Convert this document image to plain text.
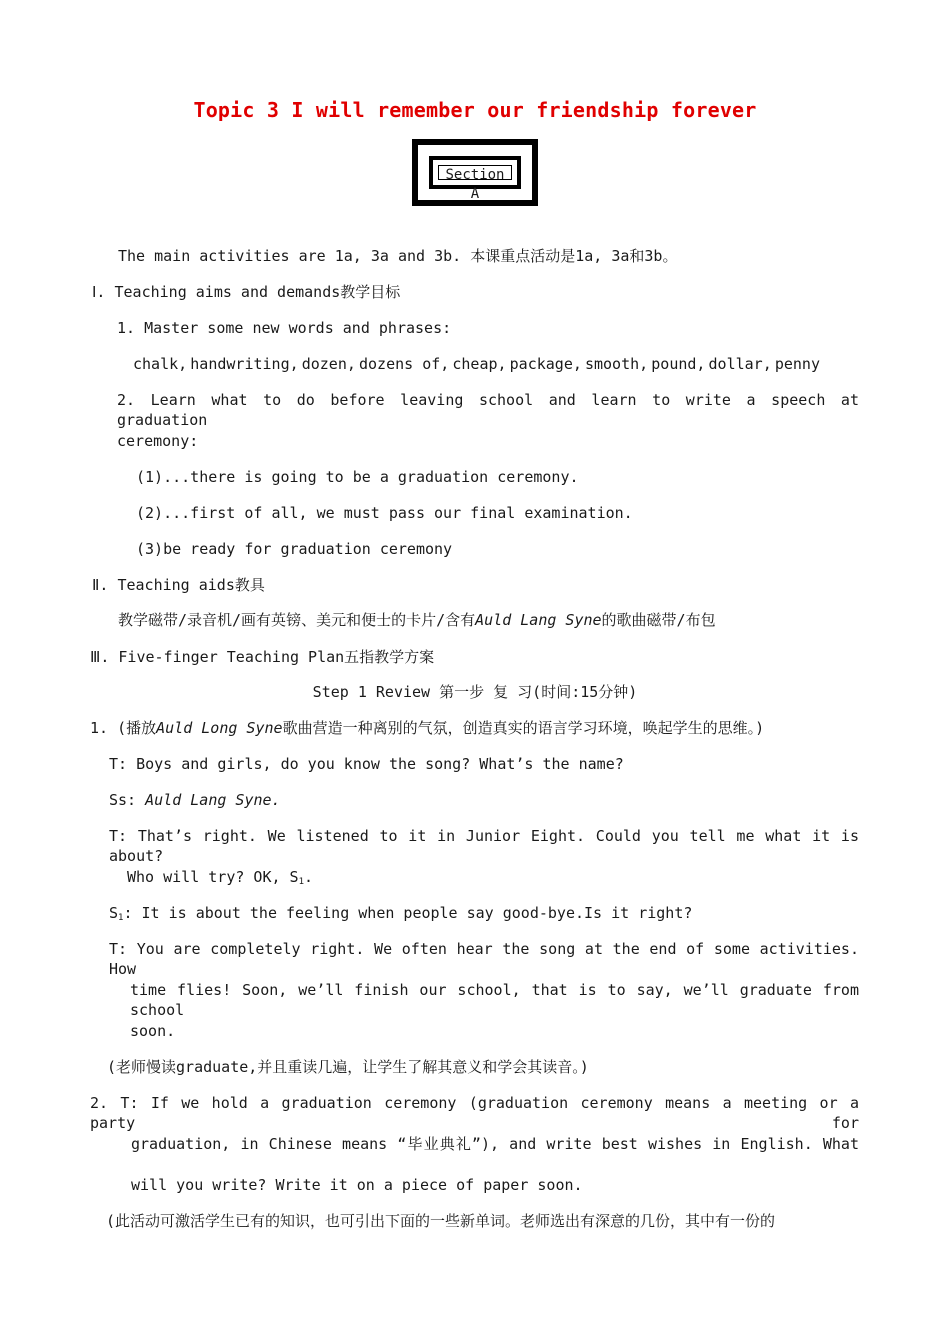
Topic 3 I will remember our friendship forever
Section A
The main activities are 1a, 3a and 3b. 本课重点活动是1a, 3a和3b。
Ⅰ. Teaching aims and demands教学目标
1. Master some new words and phrases:
chalk, handwriting, dozen, dozens of, cheap, package, smooth, pound, dollar, penny
2. Learn what to do before leaving school and learn to write a speech at graduation
ceremony:
(1)...there is going to be a graduation ceremony.
(2)...first of all, we must pass our final examination.
(3)be ready for graduation ceremony
Ⅱ. Teaching aids教具
教学磁带/录音机/画有英镑、美元和便士的卡片/含有Auld Lang Syne的歌曲磁带/布包
Ⅲ. Five-finger Teaching Plan五指教学方案
Step 1 Review 第一步 复 习(时间:15分钟)
1. (播放Auld Long Syne歌曲营造一种离别的气氛，创造真实的语言学习环境，唤起学生的思维。)
T: Boys and girls, do you know the song? What’s the name?
Ss: Auld Lang Syne.
T: That’s right. We listened to it in Junior Eight. Could you tell me what it is about?
Who will try? OK, $S_1$.
$S_1$: It is about the feeling when people say good-bye.Is it right?
T: You are completely right. We often hear the song at the end of some activities. How
time flies! Soon, we’ll finish our school, that is to say, we’ll graduate from school
soon.
(老师慢读graduate,并且重读几遍，让学生了解其意义和学会其读音。)
2. T: If we hold a graduation ceremony (graduation ceremony means a meeting or a party for
graduation, in Chinese means “毕业典礼”), and write best wishes in English. What
will you write? Write it on a piece of paper soon.
(此活动可激活学生已有的知识，也可引出下面的一些新单词。老师选出有深意的几份，其中有一份的
